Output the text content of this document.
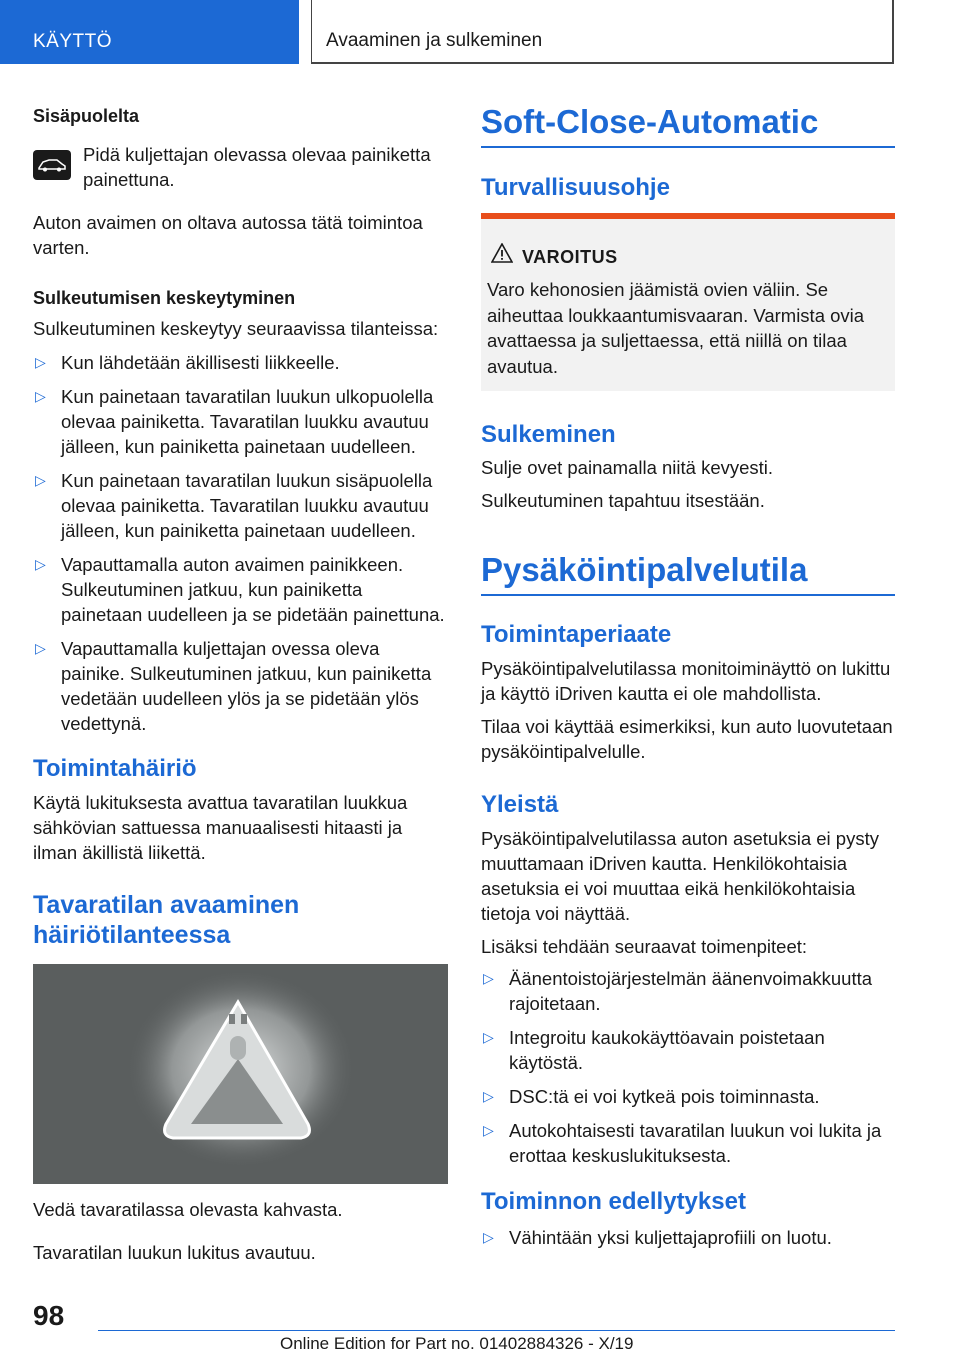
KÄYTTÖ	Avaaminen ja sulkeminen

Sisäpuolelta

Pidä kuljettajan olevassa olevaa painiketta painettuna.

Auton avaimen on oltava autossa tätä toimintoa varten.

Sulkeutumisen keskeytyminen

Sulkeutuminen keskeytyy seuraavissa tilanteissa:

▷ Kun lähdetään äkillisesti liikkeelle.
▷ Kun painetaan tavaratilan luukun ulkopuolella olevaa painiketta. Tavaratilan luukku avautuu jälleen, kun painiketta painetaan uudelleen.
▷ Kun painetaan tavaratilan luukun sisäpuolella olevaa painiketta. Tavaratilan luukku avautuu jälleen, kun painiketta painetaan uudelleen.
▷ Vapauttamalla auton avaimen painikkeen. Sulkeutuminen jatkuu, kun painiketta painetaan uudelleen ja se pidetään painettuna.
▷ Vapauttamalla kuljettajan ovessa oleva painike. Sulkeutuminen jatkuu, kun painiketta vedetään uudelleen ylös ja se pidetään ylös vedettynä.

Toimintahäiriö

Käytä lukituksesta avattua tavaratilan luukkua sähkövian sattuessa manuaalisesti hitaasti ja ilman äkillistä liikettä.

Tavaratilan avaaminen häiriötilanteessa

Vedä tavaratilassa olevasta kahvasta.

Tavaratilan luukun lukitus avautuu.

Soft-Close-Automatic

Turvallisuusohje

VAROITUS

Varo kehonosien jäämistä ovien väliin. Se aiheuttaa loukkaantumisvaaran. Varmista ovia avattaessa ja suljettaessa, että niillä on tilaa avautua.

Sulkeminen

Sulje ovet painamalla niitä kevyesti.

Sulkeutuminen tapahtuu itsestään.

Pysäköintipalvelutila

Toimintaperiaate

Pysäköintipalvelutilassa monitoiminäyttö on lukittu ja käyttö iDriven kautta ei ole mahdollista.

Tilaa voi käyttää esimerkiksi, kun auto luovutetaan pysäköintipalvelulle.

Yleistä

Pysäköintipalvelutilassa auton asetuksia ei pysty muuttamaan iDriven kautta. Henkilökohtaisia asetuksia ei voi muuttaa eikä henkilökohtaisia tietoja voi näyttää.

Lisäksi tehdään seuraavat toimenpiteet:

▷ Äänentoistojärjestelmän äänenvoimakkuutta rajoitetaan.
▷ Integroitu kaukokäyttöavain poistetaan käytöstä.
▷ DSC:tä ei voi kytkeä pois toiminnasta.
▷ Autokohtaisesti tavaratilan luukun voi lukita ja erottaa keskuslukituksesta.

Toiminnon edellytykset

▷ Vähintään yksi kuljettajaprofiili on luotu.
98
Online Edition for Part no. 01402884326 - X/19
